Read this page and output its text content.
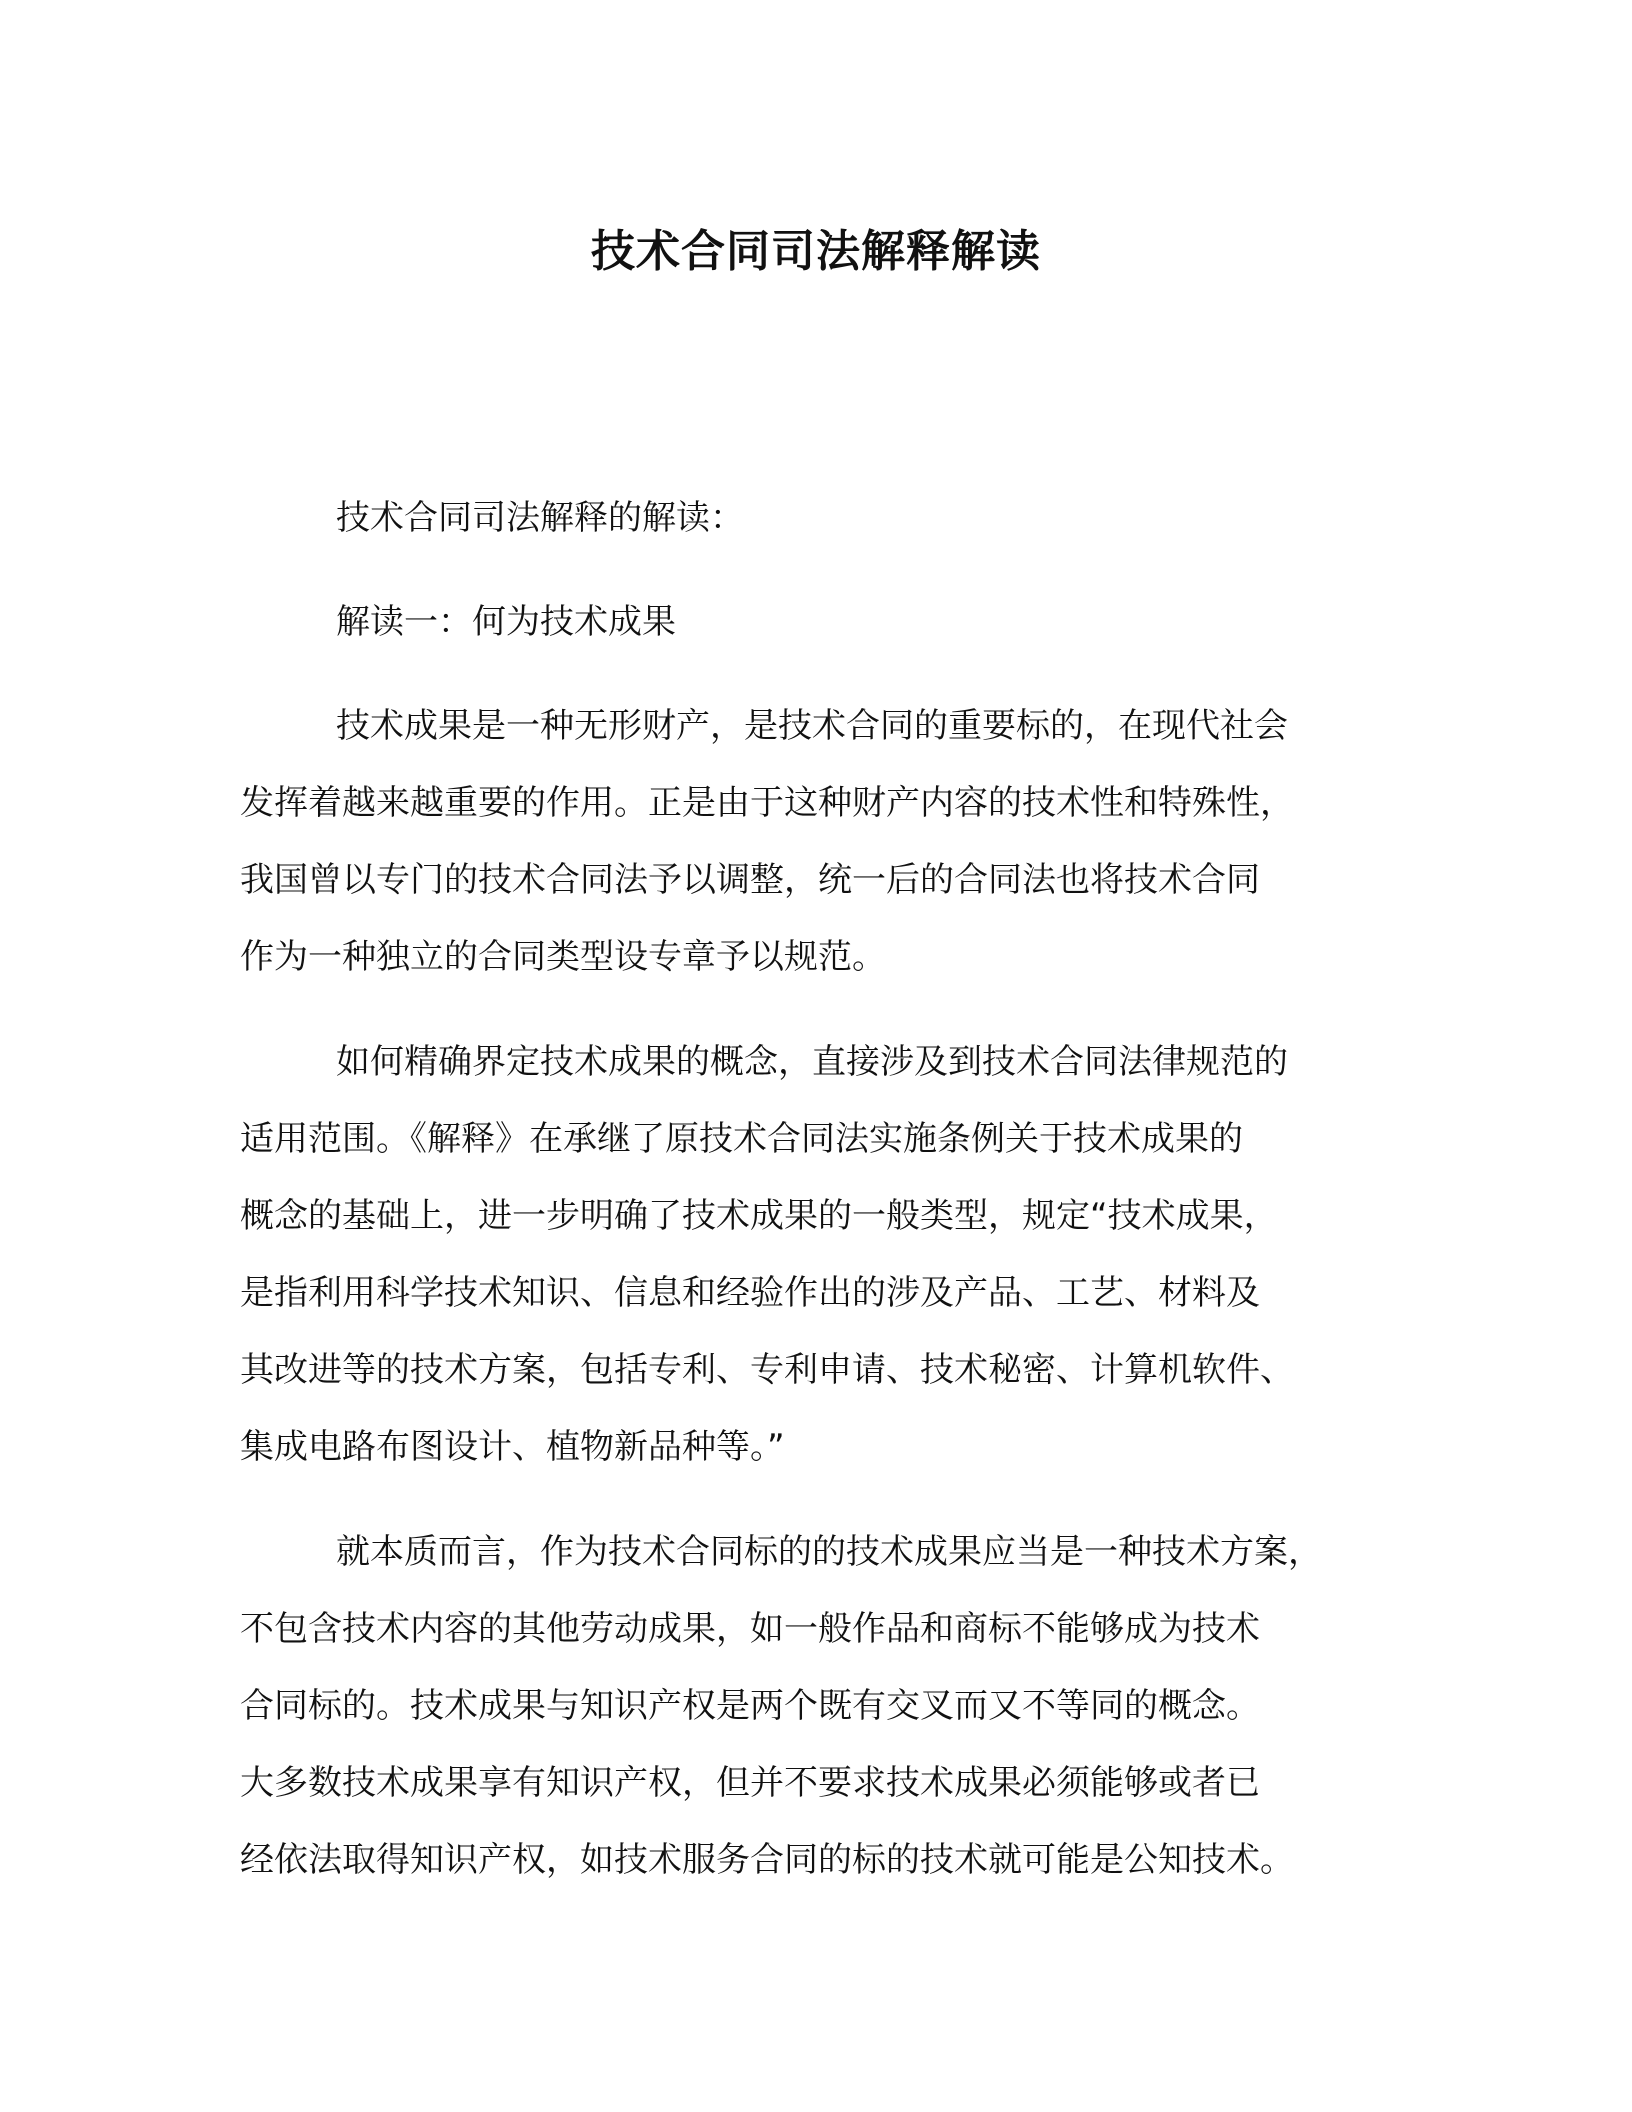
技术合同司法解释解读
技术合同司法解释的解读：
解读一：何为技术成果
技术成果是一种无形财产，是技术合同的重要标的，在现代社会
发挥着越来越重要的作用。正是由于这种财产内容的技术性和特殊性，
我国曾以专门的技术合同法予以调整，统一后的合同法也将技术合同
作为一种独立的合同类型设专章予以规范。
如何精确界定技术成果的概念，直接涉及到技术合同法律规范的
适用范围。《解释》在承继了原技术合同法实施条例关于技术成果的
概念的基础上，进一步明确了技术成果的一般类型，规定“技术成果，
是指利用科学技术知识、信息和经验作出的涉及产品、工艺、材料及
其改进等的技术方案，包括专利、专利申请、技术秘密、计算机软件、
集成电路布图设计、植物新品种等。”
就本质而言，作为技术合同标的的技术成果应当是一种技术方案，
不包含技术内容的其他劳动成果，如一般作品和商标不能够成为技术
合同标的。技术成果与知识产权是两个既有交叉而又不等同的概念。
大多数技术成果享有知识产权，但并不要求技术成果必须能够或者已
经依法取得知识产权，如技术服务合同的标的技术就可能是公知技术。
